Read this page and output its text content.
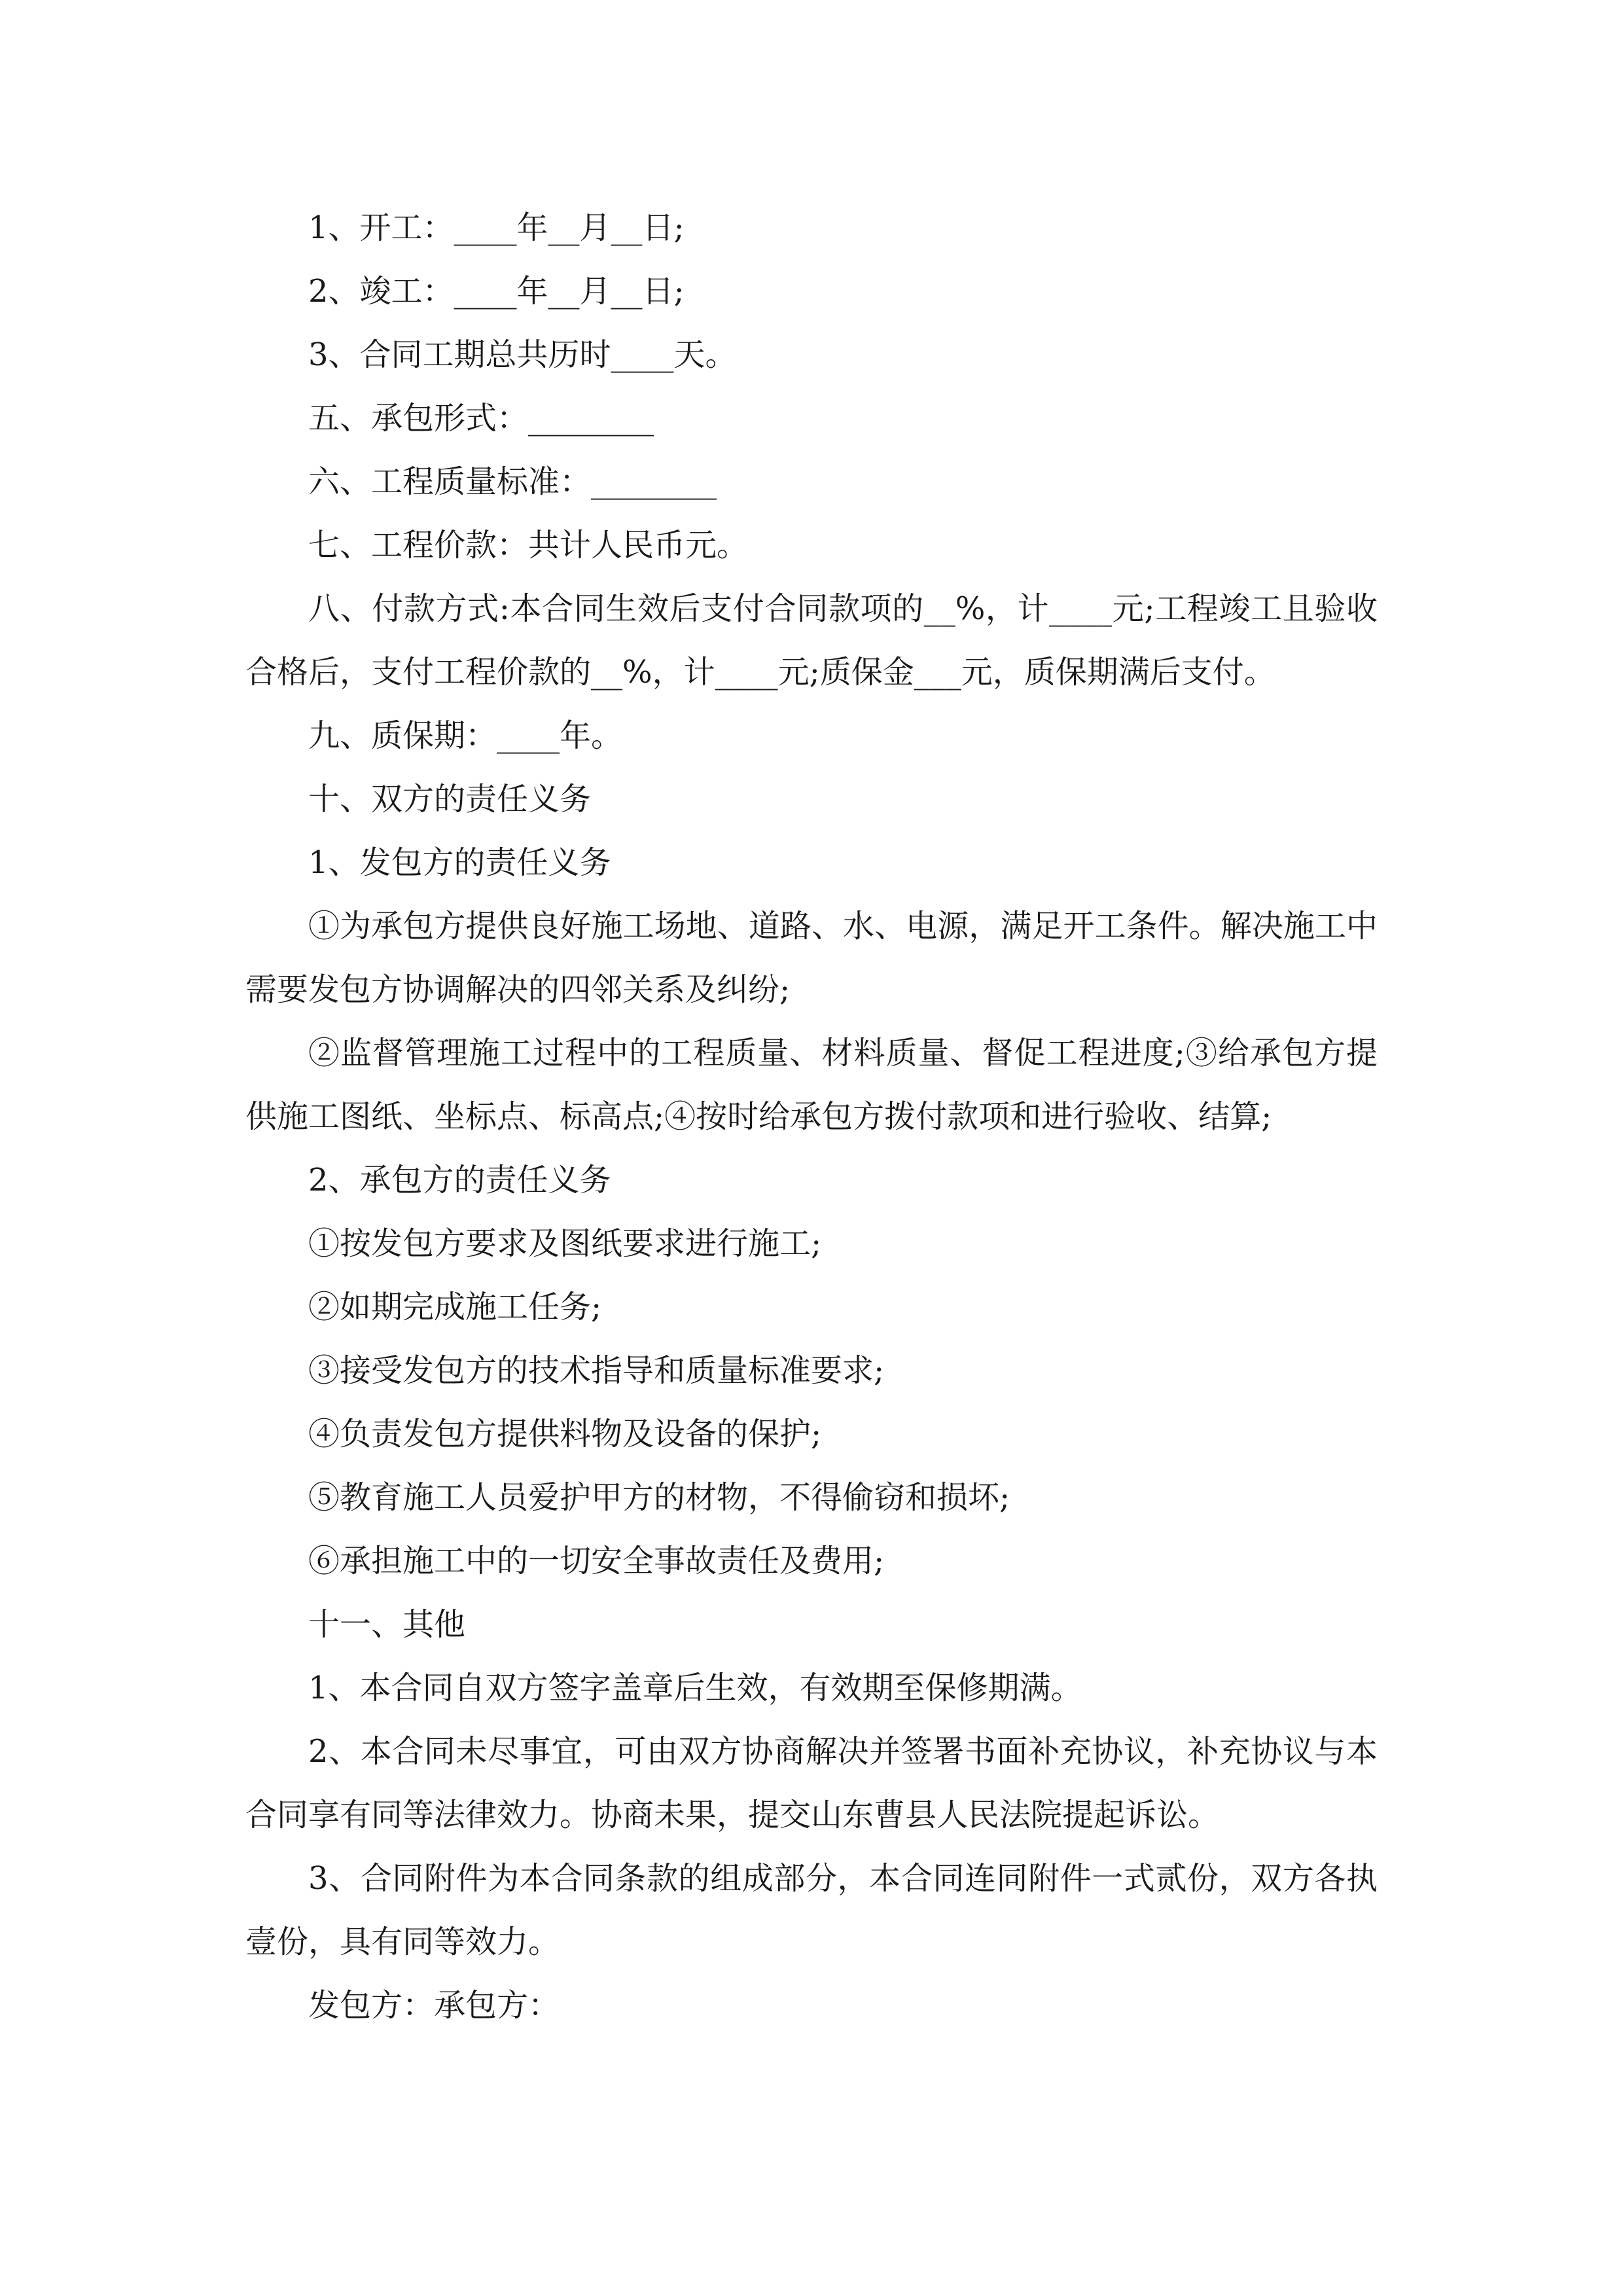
1、开工：____年__月__日;

2、竣工：____年__月__日;

3、合同工期总共历时____天。

五、承包形式：________

六、工程质量标准：________

七、工程价款：共计人民币元。

八、付款方式:本合同生效后支付合同款项的__%，计____元;工程竣工且验收合格后，支付工程价款的__%，计____元;质保金___元，质保期满后支付。

九、质保期：____年。

十、双方的责任义务

1、发包方的责任义务

①为承包方提供良好施工场地、道路、水、电源，满足开工条件。解决施工中需要发包方协调解决的四邻关系及纠纷;

②监督管理施工过程中的工程质量、材料质量、督促工程进度;③给承包方提供施工图纸、坐标点、标高点;④按时给承包方拨付款项和进行验收、结算;

2、承包方的责任义务

①按发包方要求及图纸要求进行施工;

②如期完成施工任务;

③接受发包方的技术指导和质量标准要求;

④负责发包方提供料物及设备的保护;

⑤教育施工人员爱护甲方的材物，不得偷窃和损坏;

⑥承担施工中的一切安全事故责任及费用;

十一、其他

1、本合同自双方签字盖章后生效，有效期至保修期满。

2、本合同未尽事宜，可由双方协商解决并签署书面补充协议，补充协议与本合同享有同等法律效力。协商未果，提交山东曹县人民法院提起诉讼。

3、合同附件为本合同条款的组成部分，本合同连同附件一式贰份，双方各执壹份，具有同等效力。

发包方：承包方：
